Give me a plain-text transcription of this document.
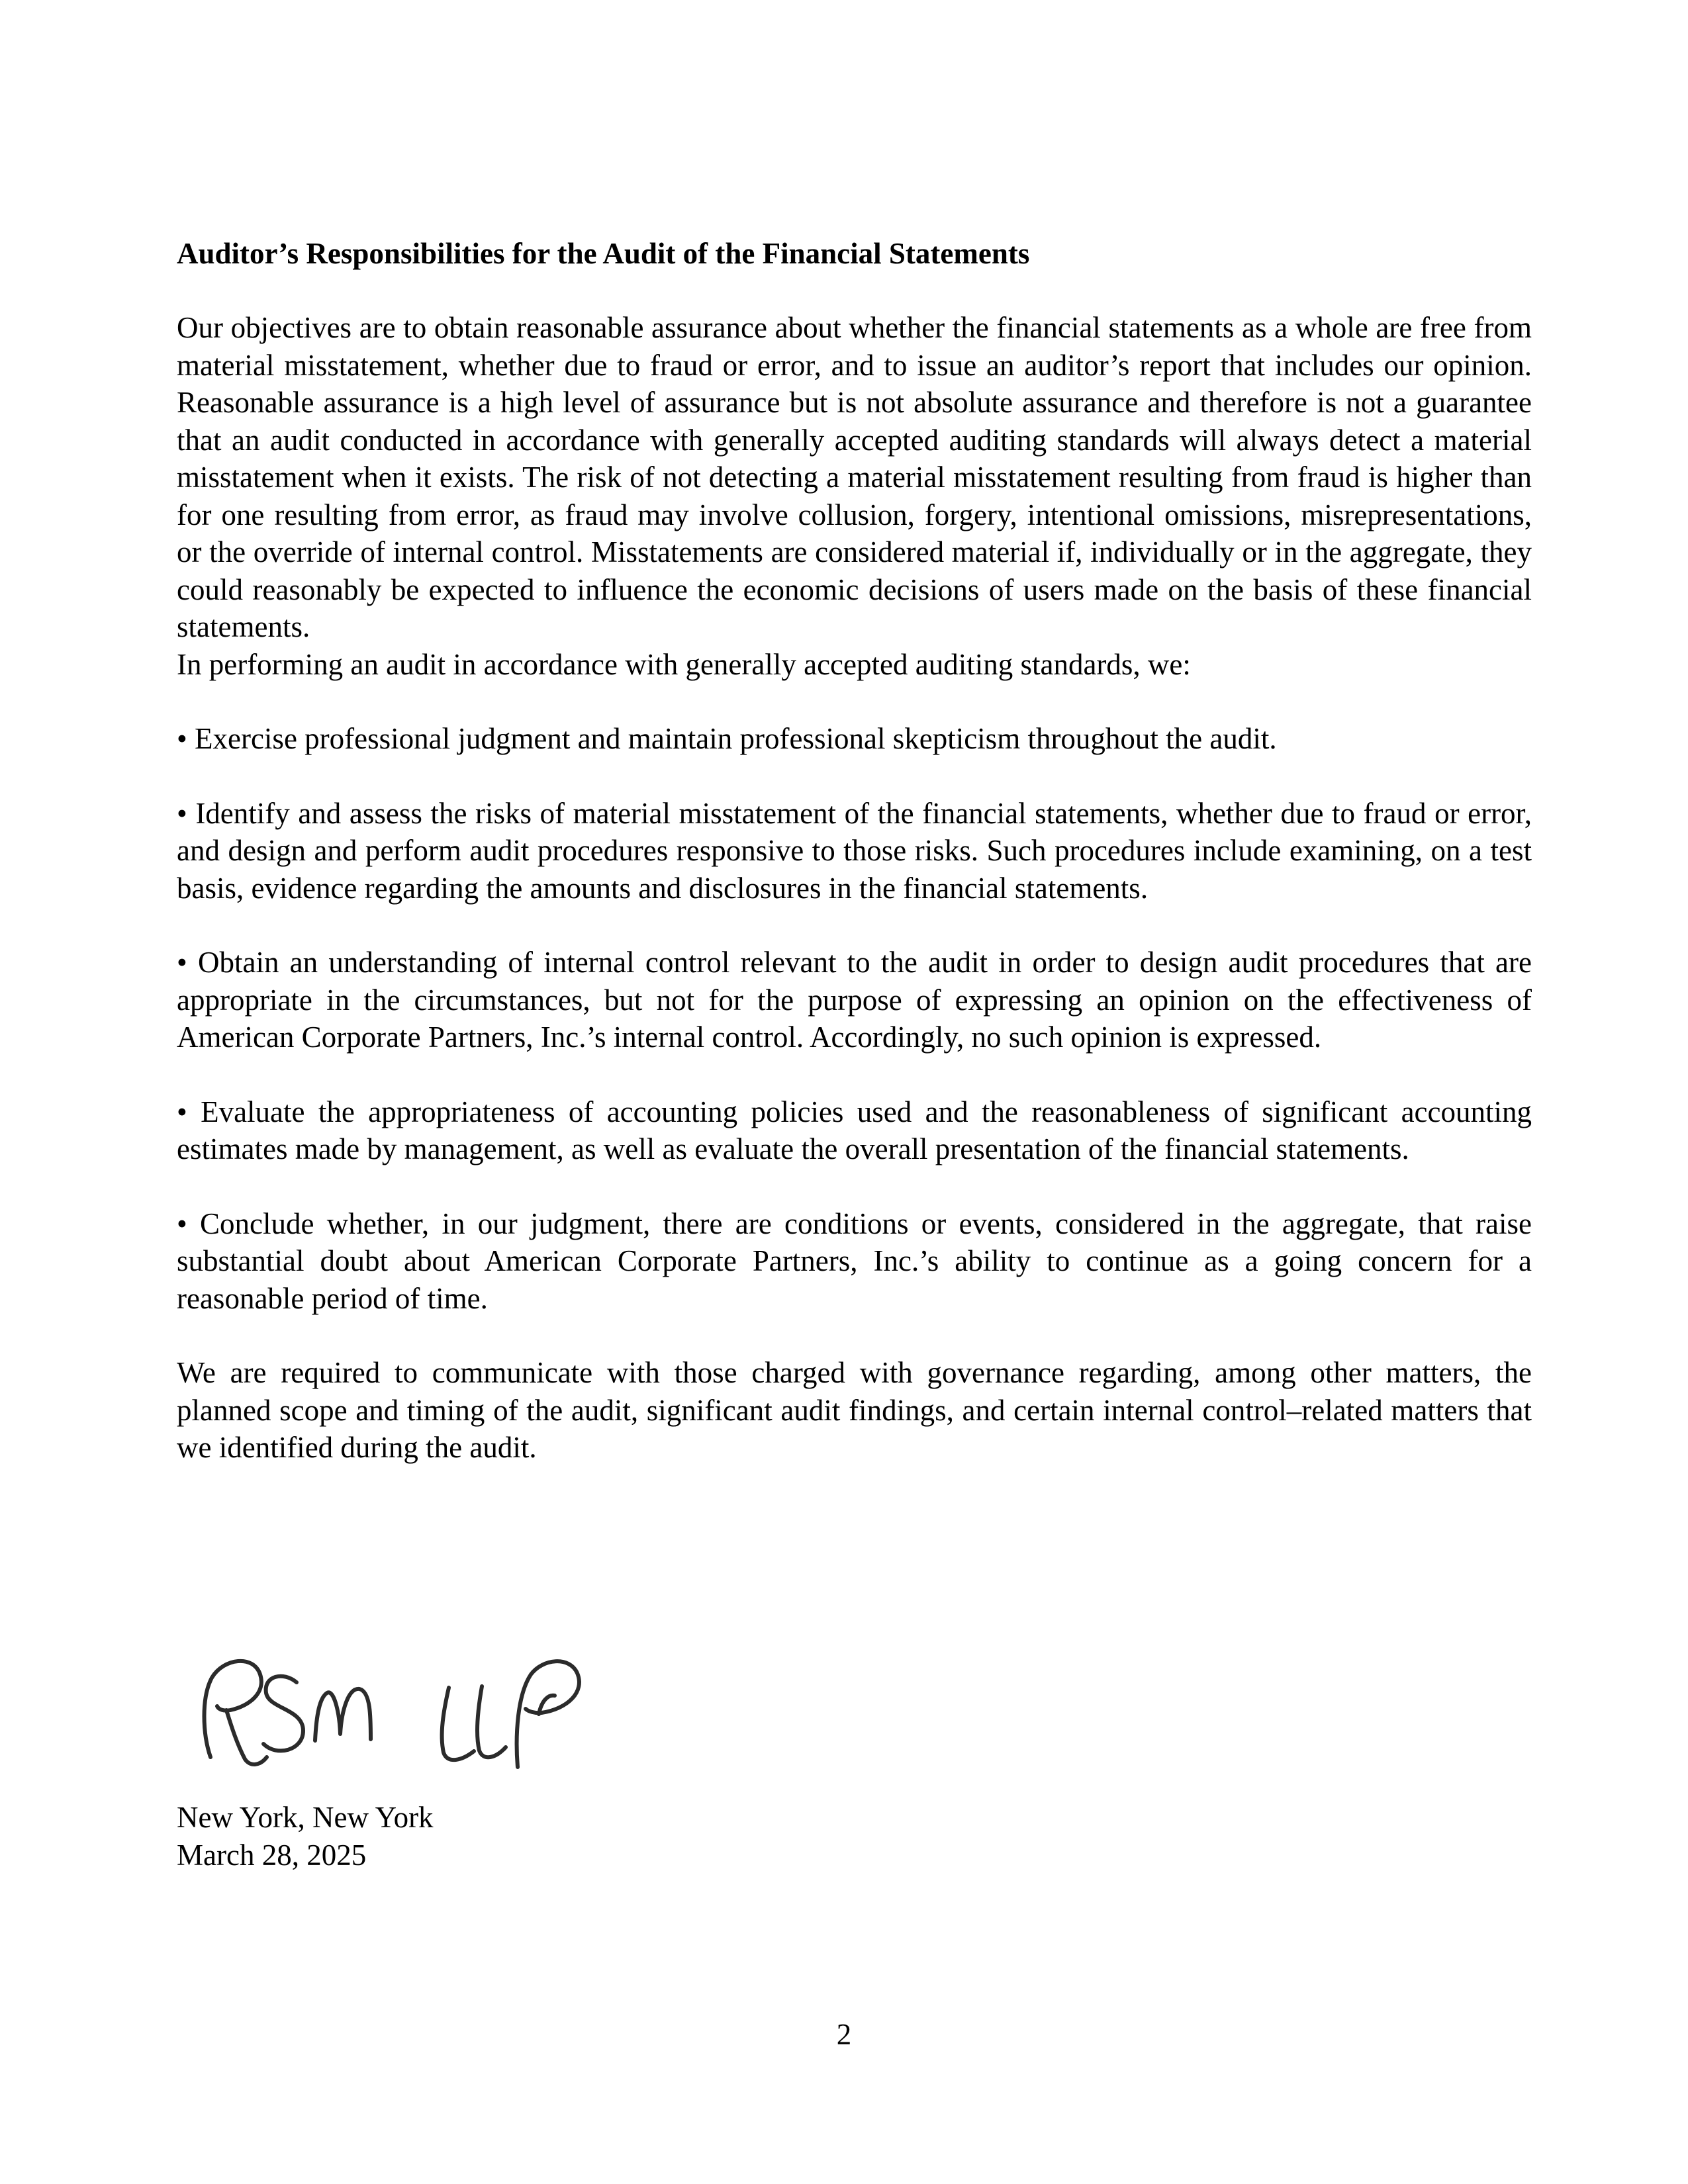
Auditor’s Responsibilities for the Audit of the Financial Statements
Our objectives are to obtain reasonable assurance about whether the financial statements as a whole are free from material misstatement, whether due to fraud or error, and to issue an auditor’s report that includes our opinion. Reasonable assurance is a high level of assurance but is not absolute assurance and therefore is not a guarantee that an audit conducted in accordance with generally accepted auditing standards will always detect a material misstatement when it exists. The risk of not detecting a material misstatement resulting from fraud is higher than for one resulting from error, as fraud may involve collusion, forgery, intentional omissions, misrepresentations, or the override of internal control. Misstatements are considered material if, individually or in the aggregate, they could reasonably be expected to influence the economic decisions of users made on the basis of these financial statements.
In performing an audit in accordance with generally accepted auditing standards, we:
• Exercise professional judgment and maintain professional skepticism throughout the audit.
• Identify and assess the risks of material misstatement of the financial statements, whether due to fraud or error, and design and perform audit procedures responsive to those risks. Such procedures include examining, on a test basis, evidence regarding the amounts and disclosures in the financial statements.
• Obtain an understanding of internal control relevant to the audit in order to design audit procedures that are appropriate in the circumstances, but not for the purpose of expressing an opinion on the effectiveness of American Corporate Partners, Inc.’s internal control. Accordingly, no such opinion is expressed.
• Evaluate the appropriateness of accounting policies used and the reasonableness of significant accounting estimates made by management, as well as evaluate the overall presentation of the financial statements.
• Conclude whether, in our judgment, there are conditions or events, considered in the aggregate, that raise substantial doubt about American Corporate Partners, Inc.’s ability to continue as a going concern for a reasonable period of time.
We are required to communicate with those charged with governance regarding, among other matters, the planned scope and timing of the audit, significant audit findings, and certain internal control–related matters that we identified during the audit.
New York, New York
March 28, 2025
2
